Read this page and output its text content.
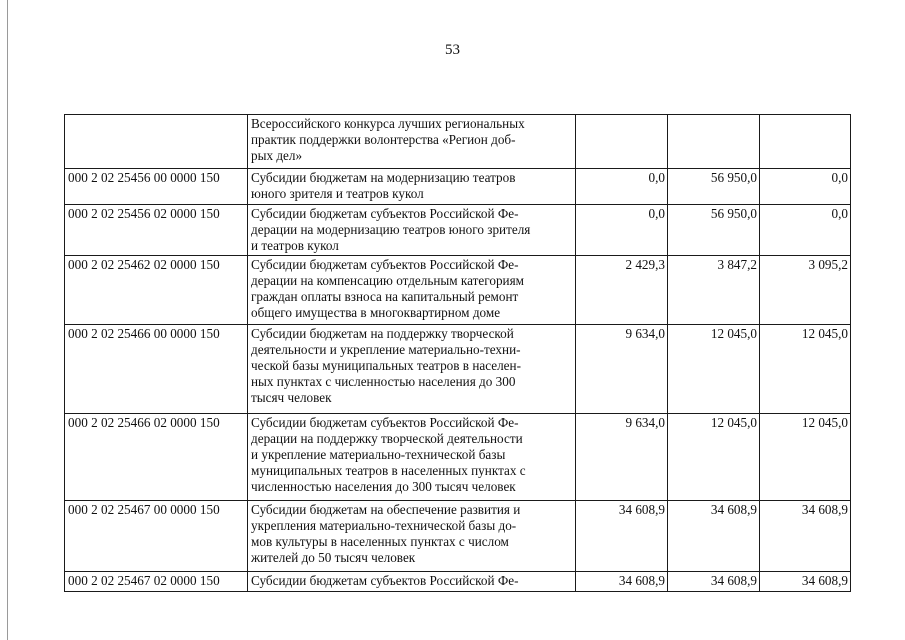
53

	Всероссийского конкурса лучших региональных
практик поддержки волонтерства «Регион доб-
рых дел»			

000 2 02 25456 00 0000 150	Субсидии бюджетам на модернизацию театров
юного зрителя и театров кукол	0,0	56 950,0	0,0
000 2 02 25456 02 0000 150	Субсидии бюджетам субъектов Российской Фе-
дерации на модернизацию театров юного зрителя
и театров кукол	0,0	56 950,0	0,0
000 2 02 25462 02 0000 150	Субсидии бюджетам субъектов Российской Фе-
дерации на компенсацию отдельным категориям
граждан оплаты взноса на капитальный ремонт
общего имущества в многоквартирном доме	2 429,3	3 847,2	3 095,2
000 2 02 25466 00 0000 150	Субсидии бюджетам на поддержку творческой
деятельности и укрепление материально-техни-
ческой базы муниципальных театров в населен-
ных пунктах с численностью населения до 300
тысяч человек	9 634,0	12 045,0	12 045,0
000 2 02 25466 02 0000 150	Субсидии бюджетам субъектов Российской Фе-
дерации на поддержку творческой деятельности
и укрепление материально-технической базы
муниципальных театров в населенных пунктах с
численностью населения до 300 тысяч человек	9 634,0	12 045,0	12 045,0
000 2 02 25467 00 0000 150	Субсидии бюджетам на обеспечение развития и
укрепления материально-технической базы до-
мов культуры в населенных пунктах с числом
жителей до 50 тысяч человек	34 608,9	34 608,9	34 608,9
000 2 02 25467 02 0000 150	Субсидии бюджетам субъектов Российской Фе-	34 608,9	34 608,9	34 608,9
